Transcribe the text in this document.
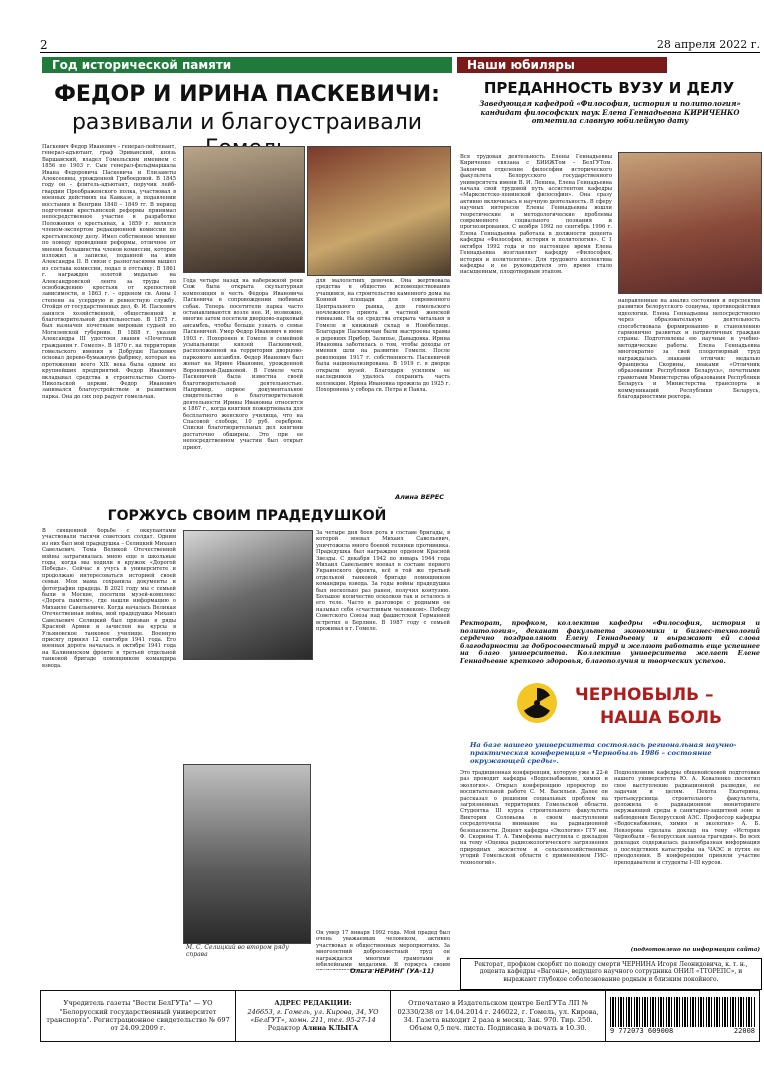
2	28 апреля 2022 г.
Год исторической памяти
ФЕДОР И ИРИНА ПАСКЕВИЧИ:
развивали и благоустраивали
Паскевич Федор Иванович – генерал-лейтенант, генерал-адъютант, граф Эриванский, князь Варшавский, владел Гомельским имением с 1856 по 1903 г. Сын генерал-фельдмаршала Ивана Федоровича Паскевича и Елизаветы Алексеевны, урожденной Грибоедовой. В 1845 году он – флигель-адъютант, поручик лейб-гвардии Преображенского полка, участвовал в военных действиях на Кавказе, в подавлении восстания в Венгрии 1848 – 1849 гг. В период подготовки крестьянской реформы принимал непосредственное участие в разработке Положения о крестьянах, а 1859 г. являлся членом-экспертом редакционной комиссии по крестьянскому делу. Имел собственное мнение по поводу проведения реформы, отличное от мнения большинства членов комиссии, которое изложил в записке, поданной на имя Александра II. В связи с разногласиями вышел из состава комиссии, подал в отставку. В 1861 г. награжден золотой медалью на Александровской ленте за труды по освобождению крестьян от крепостной зависимости, в 1863 г. – орденом св. Анны I степени за усердную и ревностную службу. Отойдя от государственных дел, Ф. И. Паскевич занялся хозяйственной, общественной и благотворительной деятельностью. В 1875 г. был назначен почетным мировым судьей по Могилевской губернии. В 1888 г. указом Александра III удостоен звания «Почетный гражданин г. Гомеля». В 1870 г. на территории гомельского имения в Добруше Паскевич основал дерево-бумажную фабрику, которая на протяжении всего XIX века была одним из крупнейших предприятий. Федор Иванович вкладывал средства в строительство Свято-Никольской церкви. Федор Иванович занимался благоустройством и развитием парка. Она до сих пор радует гомельчан.
Года четыре назад на набережной реки Сож была открыта скульптурная композиция в честь Федора Ивановича Паскевича в сопровождении любимых собак. Теперь посетители парка часто останавливаются возле нее. И, возможно, многие затем посетили дворцово-парковый ансамбль, чтобы больше узнать о семье Паскевичей. Умер Федор Иванович в июне 1903 г. Похоронен в Гомеле в семейной усыпальнице князей Паскевичей, расположенной на территории дворцово-паркового ансамбля. Федор Иванович был женат на Ирине Ивановне, урожденной Воронцовой-Дашковой. В Гомеле чета Паскевичей была известна своей благотворительной деятельностью. Например, первое документальное свидетельство о благотворительной деятельности Ирины Ивановны относится к 1867 г., когда княгиня пожертвовала для бесплатного женского училища, что на Спасовой слободе, 10 руб. серебром. Списки благотворительных дел княгини достаточно обширны. Это при ее непосредственном участии был открыт приют.
для малолетних девочек. Она жертвовала средства в общество вспомоществования учащимся, на строительство каменного дома на Конной площади для современного Центрального рынка, для гомельского ночлежного приюта и частной женской гимназии. На ее средства открыта читальня в Гомеле и книжный склад в Новобелице. Благодаря Паскевичам были выстроены храмы в деревнях Прибор, Залипье, Давыдовка. Ирина Ивановна заботилась о том, чтобы доходы от имения шли на развитие Гомеля. После революции 1917 г. собственность Паскевичей была национализирована. В 1919 г. в дворце открыли музей. Благодаря усилиям ее наследников удалось сохранить часть коллекции. Ирина Ивановна прожила до 1925 г. Похоронена у собора св. Петра и Павла.
Алина ВЕРЕС
ГОРЖУСЬ СВОИМ ПРАДЕДУШКОЙ
В священной борьбе с оккупантами участвовали тысячи советских солдат. Одним из них был мой прадедушка – Селицкий Михаил Савельевич. Тема Великой Отечественной войны затрагивалась мною еще в школьные годы, когда мы ходили в кружок «Дорогой Победы». Сейчас я учусь в университете и продолжаю интересоваться историей своей семьи. Моя мама сохранила документы и фотографии прадеда. В 2021 году мы с семьей были в Москве, посетили музей-комплекс «Дорога памяти», где нашли информацию о Михаиле Савельевиче. Когда началась Великая Отечественная война, мой прадедушка Михаил Савельевич Селицкий был призван в ряды Красной Армии и зачислен на курсы в Ульяновское танковое училище. Военную присягу принял 12 сентября 1941 года. Его военная дорога началась в октябре 1941 года на Калининском фронте в третьей отдельной танковой бригаде помощником командира взвода.
За четыре дня боев рота в составе бригады, в которой воевал Михаил Савельевич, уничтожила много боевой техники противника. Прадедушка был награжден орденом Красной Звезды. С декабря 1942 по январь 1944 года Михаил Савельевич воевал в составе первого Украинского фронта, всё в той же третьей отдельной танковой бригаде помощником командира взвода. За годы войны прадедушка был несколько раз ранен, получил контузию. Большое количество осколков так и осталось в его теле. Часто в разговоре с родными он называл себя «счастливым человеком». Победу Советского Союза над фашистской Германией встретил в Берлине. В 1987 году с семьей проживал в г. Гомеле.
М. С. Селицкий во втором ряду справа
Он умер 17 января 1992 года. Мой прадед был очень уважаемым человеком, активно участвовал в общественных мероприятиях. За многолетний добросовестный труд он награждался многими грамотами и юбилейными медалями. Я горжусь своим
Ольга НЕРИНГ (УА-11)
Наши юбиляры
ПРЕДАННОСТЬ ВУЗУ И ДЕЛУ
Заведующая кафедрой «Философия, история и политология» кандидат философских наук Елена Геннадьевна КИРИЧЕНКО отметила славную юбилейную дату
Вся трудовая деятельность Елены Геннадьевны Кириченко связана с БИИЖТом – БелГУТом. Закончив отделение философии исторического факультета Белорусского государственного университета имени В. И. Ленина, Елена Геннадьевна начала свой трудовой путь ассистентом кафедры «Марксистско-ленинской философии». Она сразу активно включилась в научную деятельность. В сферу научных интересов Елены Геннадьевны вошли теоретические и методологические проблемы современного социального познания и прогнозирования. С ноября 1992 по сентябрь 1996 г. Елена Геннадьевна работала в должности доцента кафедры «Философия, история и политология». С 1 октября 1992 года и по настоящее время Елена Геннадьевна возглавляет кафедру «Философия, история и политология». Для трудового коллектива кафедры и ее руководителя это время стало насыщенным, плодотворным этапом.
направленные на анализ состояния и перспектив развития белорусского социума, противодействия идеологии. Елена Геннадьевна непосредственно через образовательную деятельность способствовала формированию и становлению гармонично развитых и патриотичных граждан страны. Подготовлены ею научные и учебно-методические работы. Елена Геннадьевна многократно за свой плодотворный труд награждалась знаками отличия: медалью Франциска Скорины, знаками «Отличник образования Республики Беларусь», почетными грамотами Министерства образования Республики Беларусь и Министерства транспорта и коммуникаций Республики Беларусь, благодарностями ректора.
Ректорат, профком, коллектив кафедры «Философия, история и политология», деканат факультета экономики и бизнес-технологий сердечно поздравляют Елену Геннадьевну и выражают ей слова благодарности за добросовестный труд и желают работать еще успешнее на благо университета. Коллектив университета желает Елене Геннадьевне крепкого здоровья, благополучия и творческих успехов.
ЧЕРНОБЫЛЬ –
НАША БОЛЬ
На базе нашего университета состоялась региональная научно-практическая конференция «Чернобыль 1986 – состояние окружающей среды».
Это традиционная конференция, которую уже в 22-й раз проводит кафедра «Водоснабжение, химия и экология». Открыл конференцию проректор по воспитательной работе С. М. Васильев. Далее он рассказал о решении социальных проблем на загрязненных территориях Гомельской области. Студентка III курса строительного факультета Виктория Соловьева в своем выступлении сосредоточила внимание на радиационной безопасности. Доцент кафедры «Экология» ГГУ им. Ф. Скорины Т. А. Тимофеева выступила с докладом на тему «Оценка радиоэкологического загрязнения природных экосистем и сельскохозяйственных угодий Гомельской области с применением ГИС-технологий».
Подполковник кафедры общевойсковой подготовки нашего университета Ю. А. Коваленко посвятил свое выступление радиационной разведке, ее задачам и целям. Пехота Екатерина, третьекурсница строительного факультета, доложила о радиационном мониторинге окружающей среды в санитарно-защитной зоне и наблюдения Белорусской АЭС. Профессор кафедры «Водоснабжение, химия и экология» А. Б. Невзорова сделала доклад на тему «История Чернобыля – белорусская заноза трагедии». Во всех докладах содержалась разнообразная информация о последствиях катастрофы на ЧАЭС и путях ее преодоления. В конференции приняли участие преподаватели и студенты I–III курсов.
(подготовлено по информации сайта)
Ректорат, профком скорбят по поводу смерти ЧЕРНИНА Игоря Леонидовича, к. т. н., доцента кафедры «Вагоны», ведущего научного сотрудника ОНИЛ «ТТОРЕПС», и выражают глубокое соболезнование родным и близким покойного.
Учредитель газеты "Вести БелГУТа" — УО "Белорусский государственный университет транспорта". Регистрационное свидетельство № 697 от 24.09.2009 г.	
АДРЕС РЕДАКЦИИ:
246653, г. Гомель, ул. Кирова, 34, УО «БелГУТ», комн. 211, тел. 95-27-14
Редактор Алина КЛЫГА
	Отпечатано в Издательском центре БелГУТа ЛП № 02330/238 от 14.04.2014 г. 246022, г. Гомель, ул. Кирова, 34. Газета выходит 2 раза в месяц. Зак. 970. Тир. 250. Объем 0,5 печ. листа. Подписана в печать в 10.30.	9 772073 609008	22008
